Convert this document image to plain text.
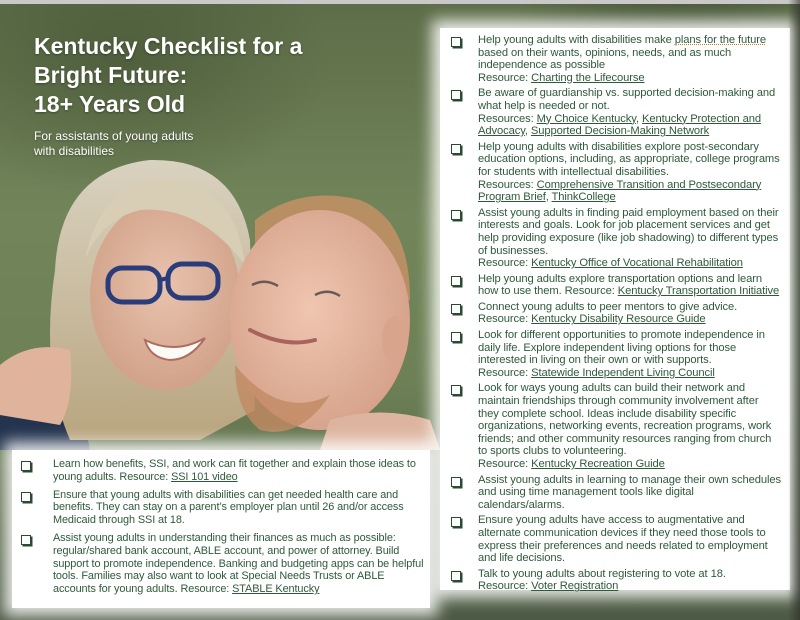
Kentucky Checklist for a
Bright Future:
18+ Years Old
For assistants of young adults with disabilities
Help young adults with disabilities make plans for the future based on their wants, opinions, needs, and as much independence as possible
Resource: Charting the Lifecourse
Be aware of guardianship vs. supported decision-making and what help is needed or not.
Resources: My Choice Kentucky, Kentucky Protection and Advocacy, Supported Decision-Making Network
Help young adults with disabilities explore post-secondary education options, including, as appropriate, college programs for students with intellectual disabilities.
Resources: Comprehensive Transition and Postsecondary Program Brief, ThinkCollege
Assist young adults in finding paid employment based on their interests and goals. Look for job placement services and get help providing exposure (like job shadowing) to different types of businesses.
Resource: Kentucky Office of Vocational Rehabilitation
Help young adults explore transportation options and learn how to use them. Resource: Kentucky Transportation Initiative
Connect young adults to peer mentors to give advice. Resource: Kentucky Disability Resource Guide
Look for different opportunities to promote independence in daily life. Explore independent living options for those interested in living on their own or with supports.
Resource: Statewide Independent Living Council
Look for ways young adults can build their network and maintain friendships through community involvement after they complete school. Ideas include disability specific organizations, networking events, recreation programs, work friends; and other community resources ranging from church to sports clubs to volunteering.
Resource: Kentucky Recreation Guide
Assist young adults in learning to manage their own schedules and using time management tools like digital calendars/alarms.
Ensure young adults have access to augmentative and alternate communication devices if they need those tools to express their preferences and needs related to employment and life decisions.
Talk to young adults about registering to vote at 18.
Resource: Voter Registration
Learn how benefits, SSI, and work can fit together and explain those ideas to young adults. Resource: SSI 101 video
Ensure that young adults with disabilities can get needed health care and benefits. They can stay on a parent’s employer plan until 26 and/or access Medicaid through SSI at 18.
Assist young adults in understanding their finances as much as possible: regular/shared bank account, ABLE account, and power of attorney. Build support to promote independence. Banking and budgeting apps can be helpful tools. Families may also want to look at Special Needs Trusts or ABLE accounts for young adults. Resource: STABLE Kentucky
